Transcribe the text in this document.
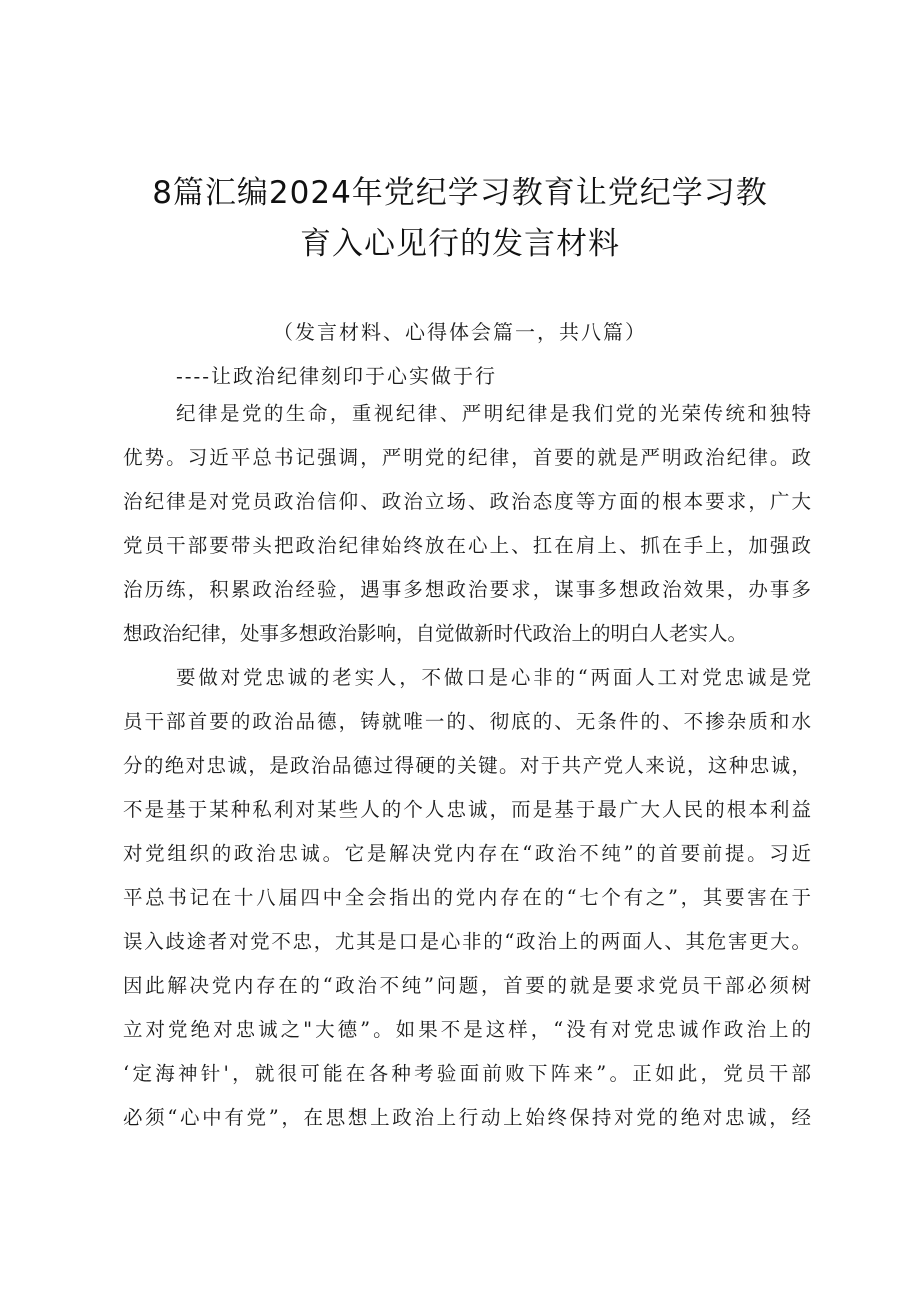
8篇汇编2024年党纪学习教育让党纪学习教
育入心见行的发言材料
（发言材料、心得体会篇一，共八篇）
----让政治纪律刻印于心实做于行
纪律是党的生命，重视纪律、严明纪律是我们党的光荣传统和独特
优势。习近平总书记强调，严明党的纪律，首要的就是严明政治纪律。政
治纪律是对党员政治信仰、政治立场、政治态度等方面的根本要求，广大
党员干部要带头把政治纪律始终放在心上、扛在肩上、抓在手上，加强政
治历练，积累政治经验，遇事多想政治要求，谋事多想政治效果，办事多
想政治纪律，处事多想政治影响，自觉做新时代政治上的明白人老实人。
要做对党忠诚的老实人，不做口是心非的“两面人工对党忠诚是党
员干部首要的政治品德，铸就唯一的、彻底的、无条件的、不掺杂质和水
分的绝对忠诚，是政治品德过得硬的关键。对于共产党人来说，这种忠诚，
不是基于某种私利对某些人的个人忠诚，而是基于最广大人民的根本利益
对党组织的政治忠诚。它是解决党内存在“政治不纯”的首要前提。习近
平总书记在十八届四中全会指出的党内存在的“七个有之”，其要害在于
误入歧途者对党不忠，尤其是口是心非的“政治上的两面人、其危害更大。
因此解决党内存在的“政治不纯”问题，首要的就是要求党员干部必须树
立对党绝对忠诚之"大德”。如果不是这样，“没有对党忠诚作政治上的
‘定海神针'，就很可能在各种考验面前败下阵来”。正如此，党员干部
必须“心中有党”，在思想上政治上行动上始终保持对党的绝对忠诚，经
